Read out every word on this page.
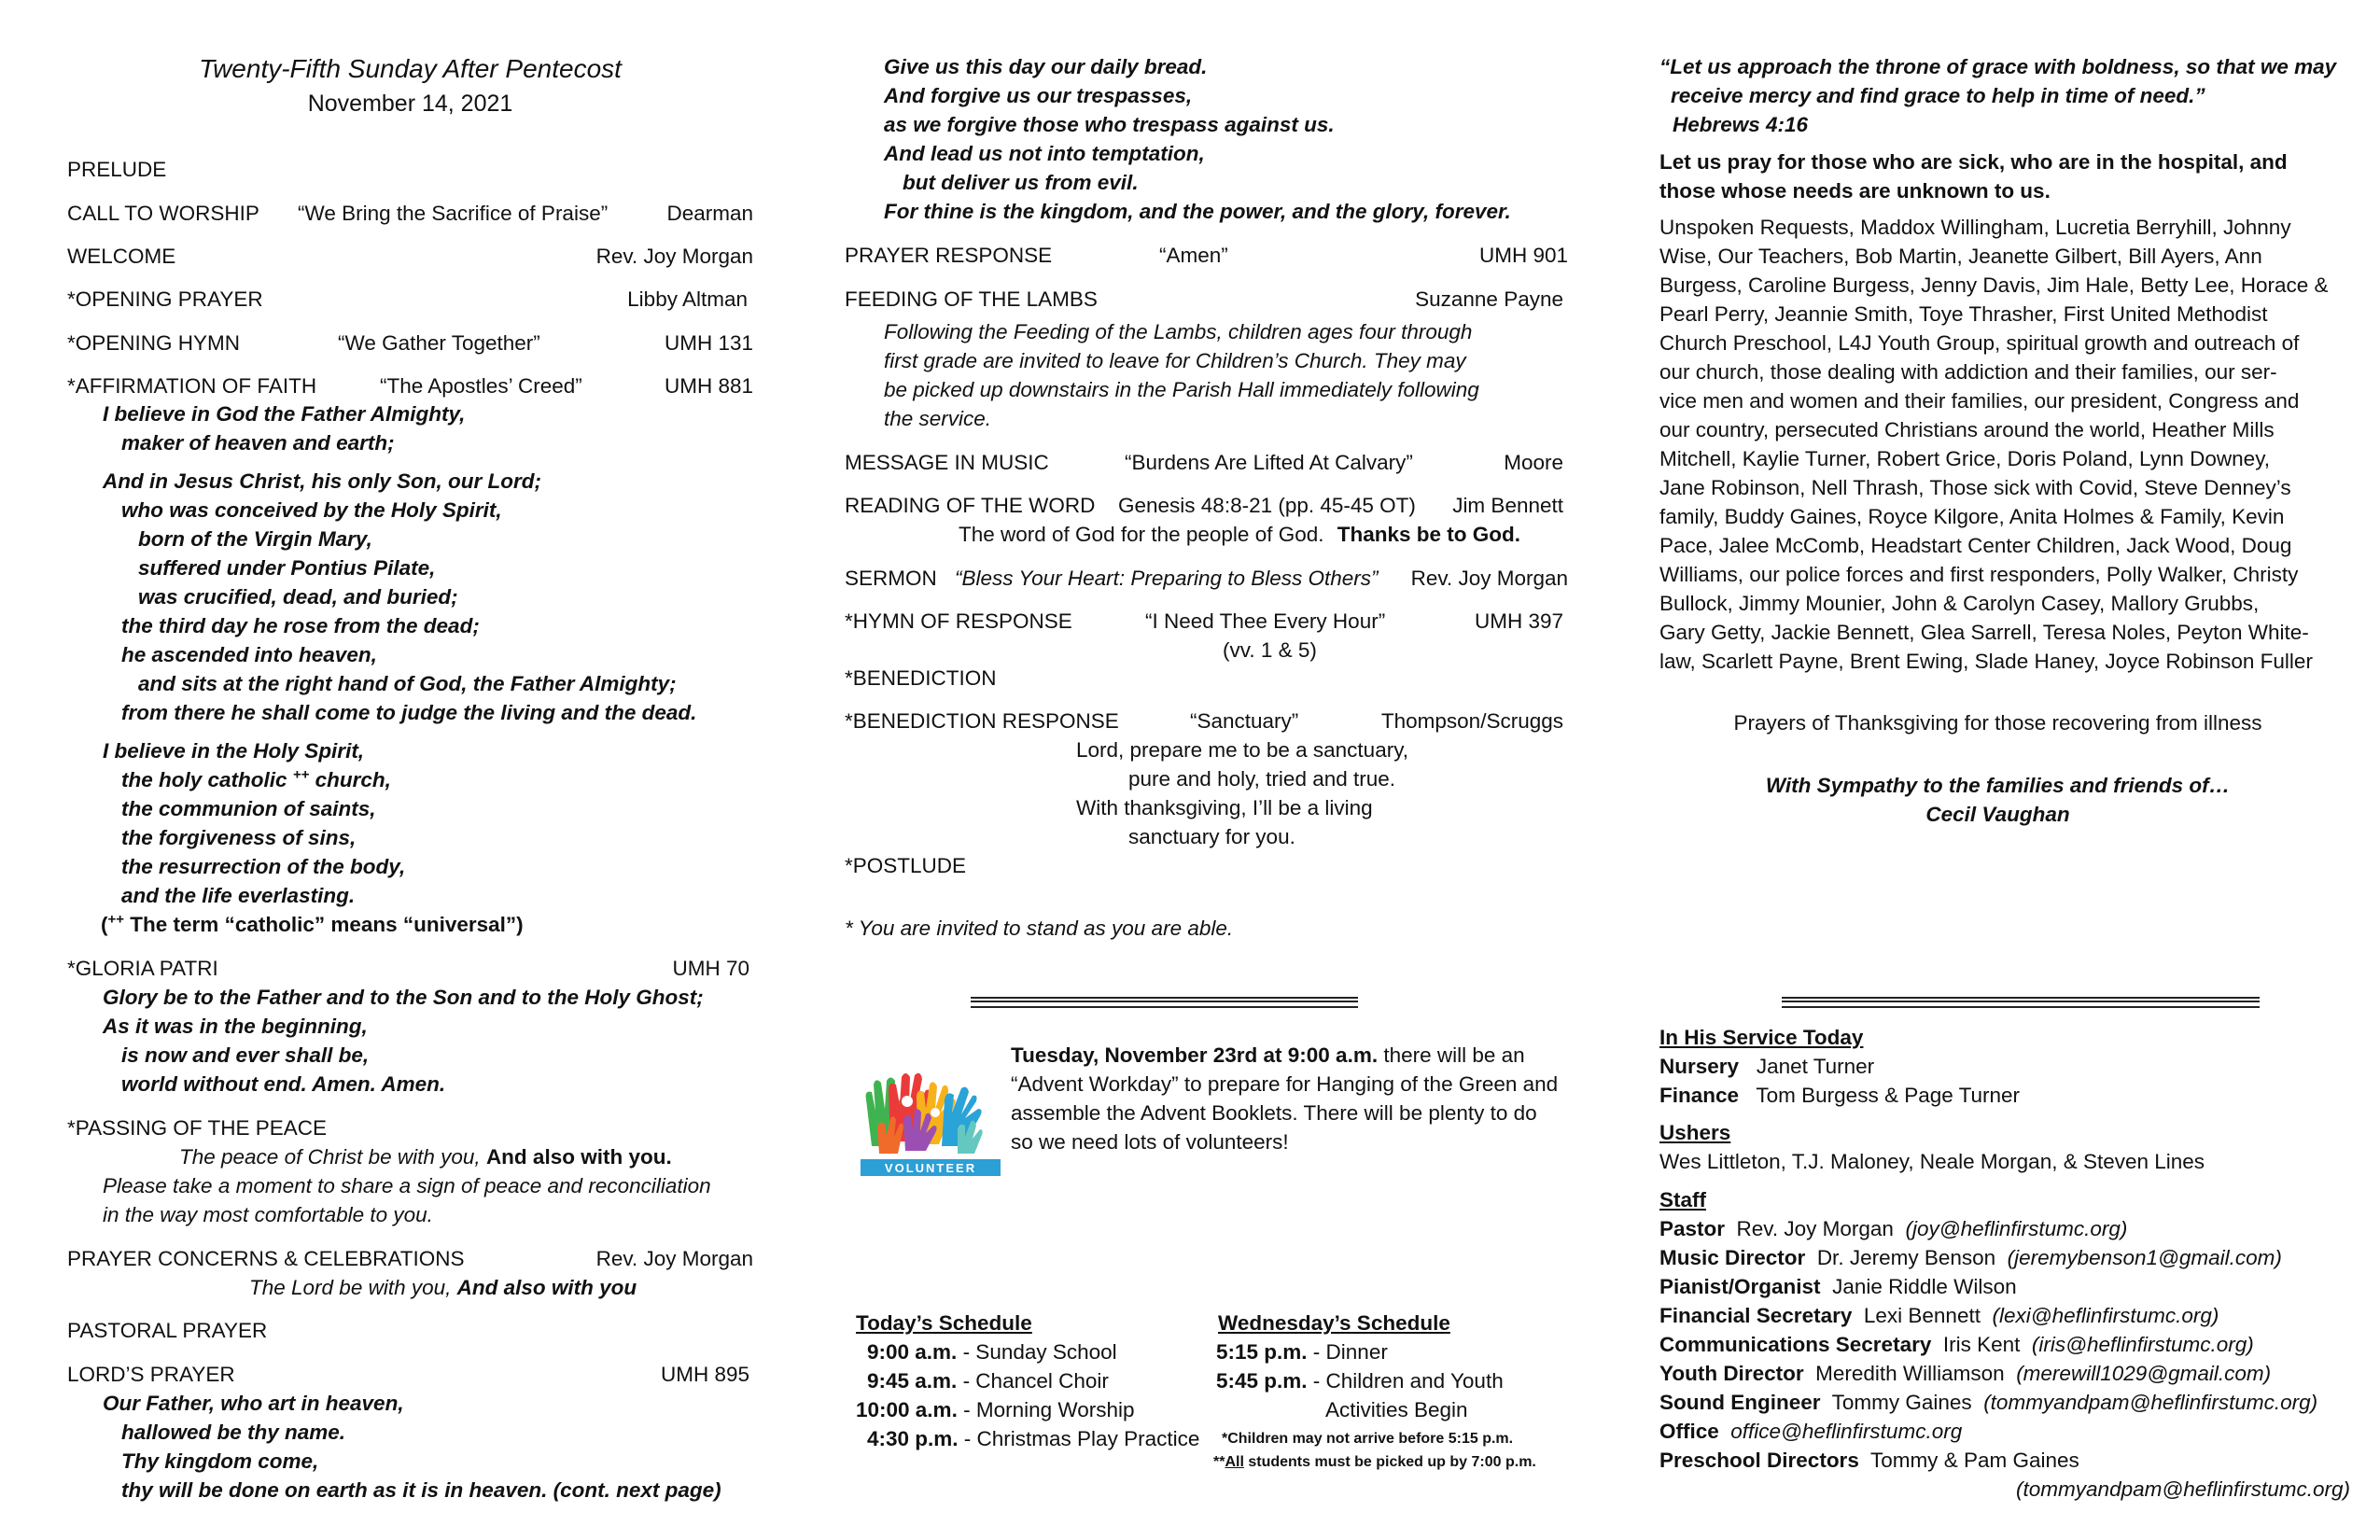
Twenty-Fifth Sunday After Pentecost
November 14, 2021
PRELUDE
CALL TO WORSHIP “We Bring the Sacrifice of Praise”	Dearman
WELCOME	Rev. Joy Morgan
*OPENING PRAYER	Libby Altman
*OPENING HYMN	“We Gather Together”	UMH 131
*AFFIRMATION OF FAITH	“The Apostles’ Creed”	UMH 881
I believe in God the Father Almighty,
maker of heaven and earth;
And in Jesus Christ, his only Son, our Lord;
who was conceived by the Holy Spirit,
born of the Virgin Mary,
suffered under Pontius Pilate,
was crucified, dead, and buried;
the third day he rose from the dead;
he ascended into heaven,
and sits at the right hand of God, the Father Almighty;
from there he shall come to judge the living and the dead.
I believe in the Holy Spirit,
the holy catholic ++ church,
the communion of saints,
the forgiveness of sins,
the resurrection of the body,
and the life everlasting.
(++ The term “catholic” means “universal”)
*GLORIA PATRI	UMH 70
Glory be to the Father and to the Son and to the Holy Ghost;
As it was in the beginning,
is now and ever shall be,
world without end. Amen. Amen.
*PASSING OF THE PEACE
The peace of Christ be with you, And also with you.
Please take a moment to share a sign of peace and reconciliation
in the way most comfortable to you.
PRAYER CONCERNS & CELEBRATIONS	Rev. Joy Morgan
The Lord be with you, And also with you
PASTORAL PRAYER
LORD’S PRAYER	UMH 895
Our Father, who art in heaven,
hallowed be thy name.
Thy kingdom come,
thy will be done on earth as it is in heaven. (cont. next page)
Give us this day our daily bread.
And forgive us our trespasses,
as we forgive those who trespass against us.
And lead us not into temptation,
but deliver us from evil.
For thine is the kingdom, and the power, and the glory, forever.
PRAYER RESPONSE	“Amen”	UMH 901
FEEDING OF THE LAMBS	Suzanne Payne
Following the Feeding of the Lambs, children ages four through
first grade are invited to leave for Children’s Church. They may
be picked up downstairs in the Parish Hall immediately following
the service.
MESSAGE IN MUSIC	“Burdens Are Lifted At Calvary”	Moore
READING OF THE WORD Genesis 48:8-21 (pp. 45-45 OT) Jim Bennett
The word of God for the people of God. Thanks be to God.
SERMON “Bless Your Heart: Preparing to Bless Others” Rev. Joy Morgan
*HYMN OF RESPONSE	“I Need Thee Every Hour”	UMH 397
(vv. 1 & 5)
*BENEDICTION
*BENEDICTION RESPONSE	“Sanctuary”	Thompson/Scruggs
Lord, prepare me to be a sanctuary,
pure and holy, tried and true.
With thanksgiving, I’ll be a living
sanctuary for you.
*POSTLUDE
* You are invited to stand as you are able.
VOLUNTEER
Tuesday, November 23rd at 9:00 a.m. there will be an “Advent Workday” to prepare for Hanging of the Green and assemble the Advent Booklets. There will be plenty to do so we need lots of volunteers!
Today’s Schedule
9:00 a.m. - Sunday School
9:45 a.m. - Chancel Choir
10:00 a.m. - Morning Worship
4:30 p.m. - Christmas Play Practice
Wednesday’s Schedule
5:15 p.m. - Dinner
5:45 p.m. - Children and Youth
Activities Begin
*Children may not arrive before 5:15 p.m.
**All students must be picked up by 7:00 p.m.
“Let us approach the throne of grace with boldness, so that we may
receive mercy and find grace to help in time of need.”
Hebrews 4:16
Let us pray for those who are sick, who are in the hospital, and those whose needs are unknown to us.
Unspoken Requests, Maddox Willingham, Lucretia Berryhill, Johnny
Wise, Our Teachers, Bob Martin, Jeanette Gilbert, Bill Ayers, Ann
Burgess, Caroline Burgess, Jenny Davis, Jim Hale, Betty Lee, Horace &
Pearl Perry, Jeannie Smith, Toye Thrasher, First United Methodist
Church Preschool, L4J Youth Group, spiritual growth and outreach of
our church, those dealing with addiction and their families, our ser-
vice men and women and their families, our president, Congress and
our country, persecuted Christians around the world, Heather Mills
Mitchell, Kaylie Turner, Robert Grice, Doris Poland, Lynn Downey,
Jane Robinson, Nell Thrash, Those sick with Covid, Steve Denney’s
family, Buddy Gaines, Royce Kilgore, Anita Holmes & Family, Kevin
Pace, Jalee McComb, Headstart Center Children, Jack Wood, Doug
Williams, our police forces and first responders, Polly Walker, Christy
Bullock, Jimmy Mounier, John & Carolyn Casey, Mallory Grubbs,
Gary Getty, Jackie Bennett, Glea Sarrell, Teresa Noles, Peyton White-
law, Scarlett Payne, Brent Ewing, Slade Haney, Joyce Robinson Fuller
Prayers of Thanksgiving for those recovering from illness
With Sympathy to the families and friends of…
Cecil Vaughan
In His Service Today
Nursery Janet Turner
Finance Tom Burgess & Page Turner
Ushers
Wes Littleton, T.J. Maloney, Neale Morgan, & Steven Lines
Staff
Pastor Rev. Joy Morgan (joy@heflinfirstumc.org)
Music Director Dr. Jeremy Benson (jeremybenson1@gmail.com)
Pianist/Organist Janie Riddle Wilson
Financial Secretary Lexi Bennett (lexi@heflinfirstumc.org)
Communications Secretary Iris Kent (iris@heflinfirstumc.org)
Youth Director Meredith Williamson (merewill1029@gmail.com)
Sound Engineer Tommy Gaines (tommyandpam@heflinfirstumc.org)
Office office@heflinfirstumc.org
Preschool Directors Tommy & Pam Gaines
(tommyandpam@heflinfirstumc.org)
